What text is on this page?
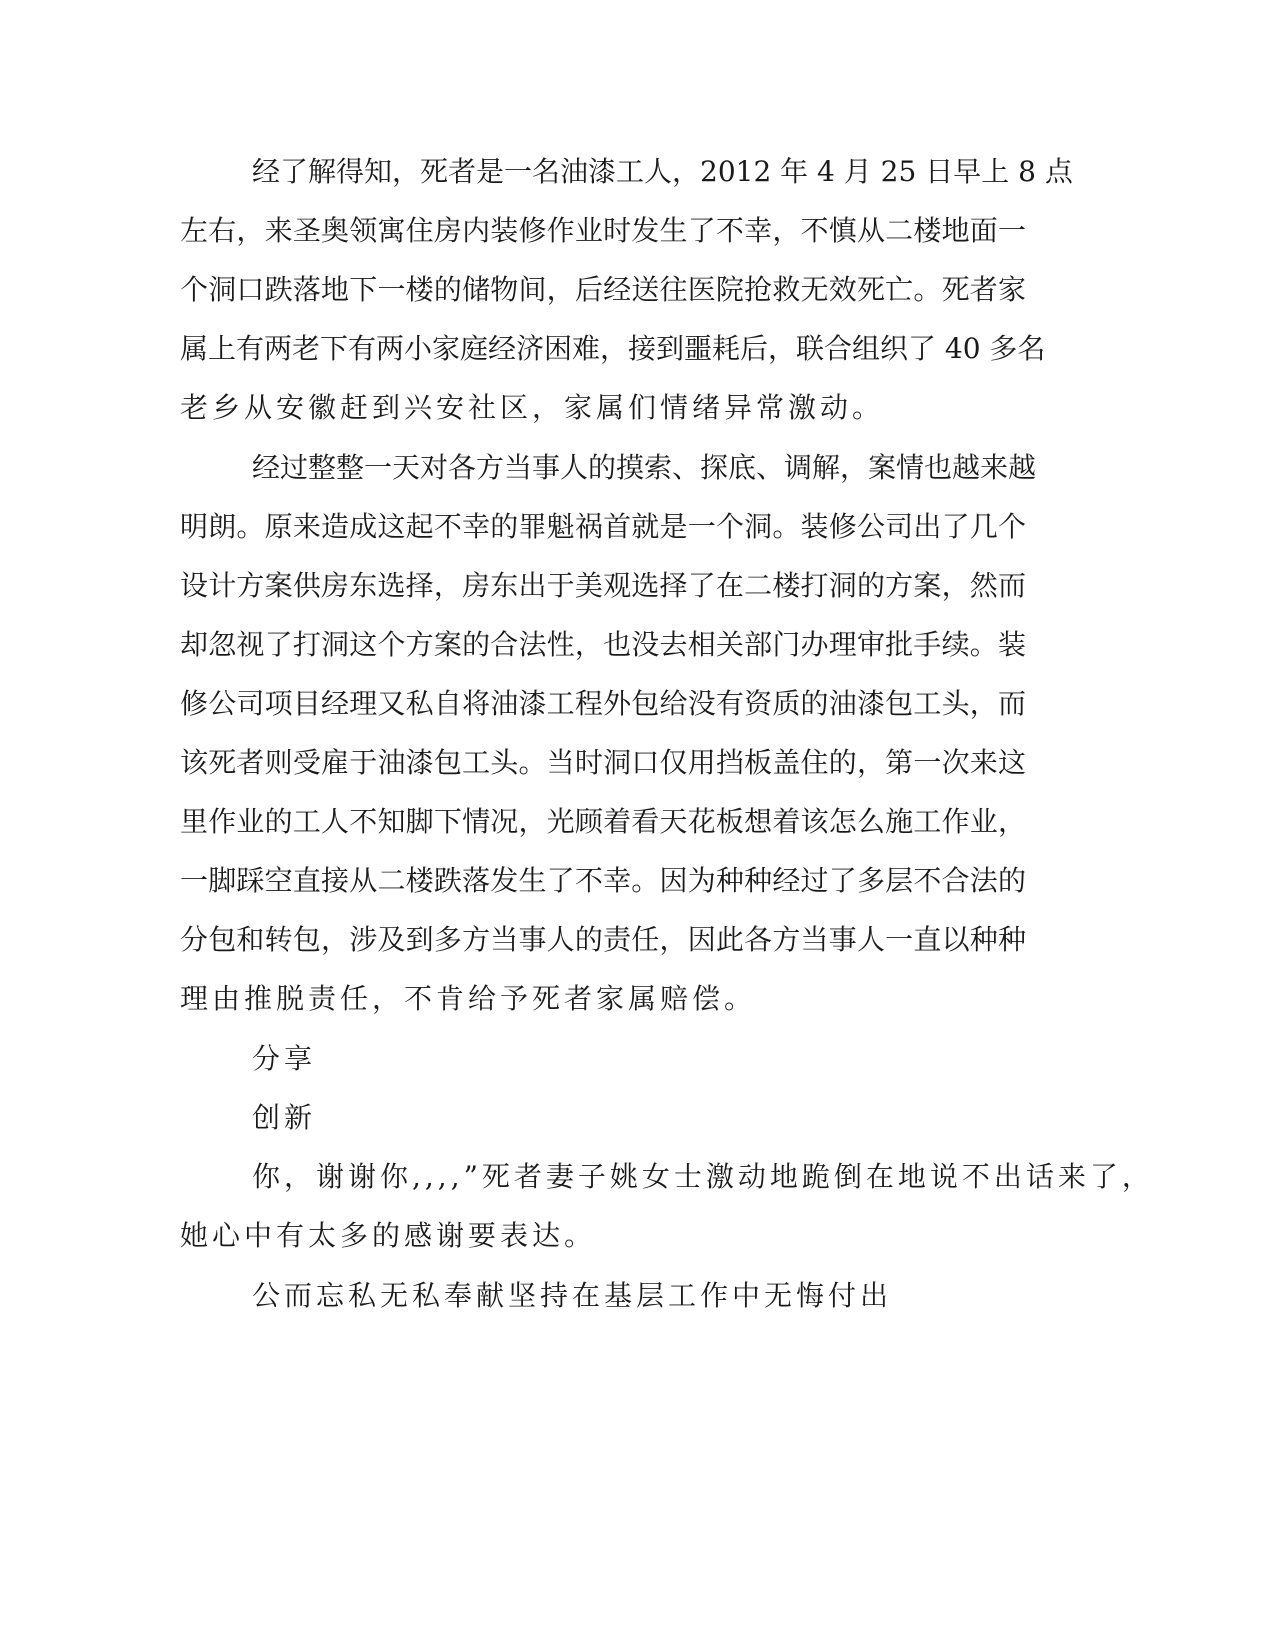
经了解得知，死者是一名油漆工人，2012 年 4 月 25 日早上 8 点
左右，来圣奥领寓住房内装修作业时发生了不幸，不慎从二楼地面一
个洞口跌落地下一楼的储物间，后经送往医院抢救无效死亡。死者家
属上有两老下有两小家庭经济困难，接到噩耗后，联合组织了 40 多名
老乡从安徽赶到兴安社区，家属们情绪异常激动。
经过整整一天对各方当事人的摸索、探底、调解，案情也越来越
明朗。原来造成这起不幸的罪魁祸首就是一个洞。装修公司出了几个
设计方案供房东选择，房东出于美观选择了在二楼打洞的方案，然而
却忽视了打洞这个方案的合法性，也没去相关部门办理审批手续。装
修公司项目经理又私自将油漆工程外包给没有资质的油漆包工头，而
该死者则受雇于油漆包工头。当时洞口仅用挡板盖住的，第一次来这
里作业的工人不知脚下情况，光顾着看天花板想着该怎么施工作业，
一脚踩空直接从二楼跌落发生了不幸。因为种种经过了多层不合法的
分包和转包，涉及到多方当事人的责任，因此各方当事人一直以种种
理由推脱责任，不肯给予死者家属赔偿。
分享
创新
你，谢谢你,,,,”死者妻子姚女士激动地跪倒在地说不出话来了，
她心中有太多的感谢要表达。
公而忘私无私奉献坚持在基层工作中无悔付出
